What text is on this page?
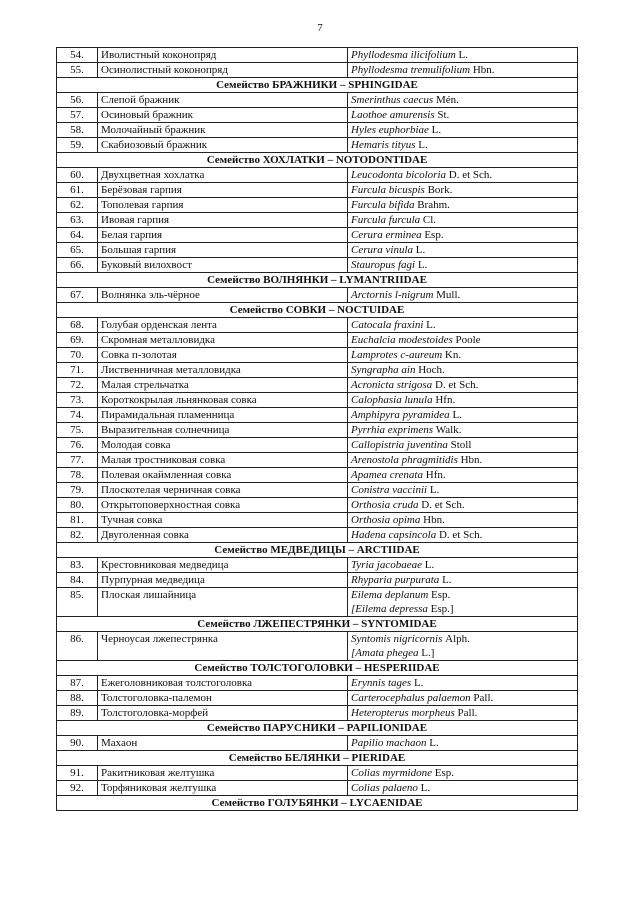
7
54.	Иволистный коконопряд	Phyllodesma ilicifolium L.
55.	Осинолистный коконопряд	Phyllodesma tremulifolium Hbn.
Семейство БРАЖНИКИ – SPHINGIDAE		
56.	Слепой бражник	Smerinthus caecus Mén.
57.	Осиновый бражник	Laothoe amurensis St.
58.	Молочайный бражник	Hyles euphorbiae L.
59.	Скабиозовый бражник	Hemaris tityus L.
Семейство ХОХЛАТКИ – NOTODONTIDAE		
60.	Двухцветная хохлатка	Leucodonta bicoloria D. et Sch.
61.	Берёзовая гарпия	Furcula bicuspis Bork.
62.	Тополевая гарпия	Furcula bifida Brahm.
63.	Ивовая гарпия	Furcula furcula Cl.
64.	Белая гарпия	Cerura erminea Esp.
65.	Большая гарпия	Cerura vinula L.
66.	Буковый вилохвост	Stauropus fagi L.
Семейство ВОЛНЯНКИ – LYMANTRIIDAE		
67.	Волнянка эль-чёрное	Arctornis l-nigrum Mull.
Семейство СОВКИ – NOCTUIDAE		
68.	Голубая орденская лента	Catocala fraxini L.
69.	Скромная металловидка	Euchalcia modestoides Poole
70.	Совка п-золотая	Lamprotes c-aureum Kn.
71.	Лиственничная металловидка	Syngrapha ain Hoch.
72.	Малая стрельчатка	Acronicta strigosa D. et Sch.
73.	Короткокрылая льнянковая совка	Calophasia lunula Hfn.
74.	Пирамидальная пламенница	Amphipyra pyramidea L.
75.	Выразительная солнечница	Pyrrhia exprimens Walk.
76.	Молодая совка	Callopistria juventina Stoll
77.	Малая тростниковая совка	Arenostola phragmitidis Hbn.
78.	Полевая окаймленная совка	Apamea crenata Hfn.
79.	Плоскотелая черничная совка	Conistra vaccinii L.
80.	Открытоповерхностная совка	Orthosia cruda D. et Sch.
81.	Тучная совка	Orthosia opima Hbn.
82.	Двуголенная совка	Hadena capsincola D. et Sch.
Семейство МЕДВЕДИЦЫ – ARCTIIDAE		
83.	Крестовниковая медведица	Tyria jacobaeae L.
84.	Пурпурная медведица	Rhyparia purpurata L.
85.	Плоская лишайница	Eilema deplanum Esp.
[Eilema depressa Esp.]
Семейство ЛЖЕПЕСТРЯНКИ – SYNTOMIDAE		
86.	Черноусая лжепестрянка	Syntomis nigricornis Alph.
[Amata phegea L.]
Семейство ТОЛСТОГОЛОВКИ – HESPERIIDAE		
87.	Ежеголовниковая толстоголовка	Erynnis tages L.
88.	Толстоголовка-палемон	Carterocephalus palaemon Pall.
89.	Толстоголовка-морфей	Heteropterus morpheus Pall.
Семейство ПАРУСНИКИ – PAPILIONIDAE		
90.	Махаон	Papilio machaon L.
Семейство БЕЛЯНКИ – PIERIDAE		
91.	Ракитниковая желтушка	Colias myrmidone Esp.
92.	Торфяниковая желтушка	Colias palaeno L.
Семейство ГОЛУБЯНКИ – LYCAENIDAE		
